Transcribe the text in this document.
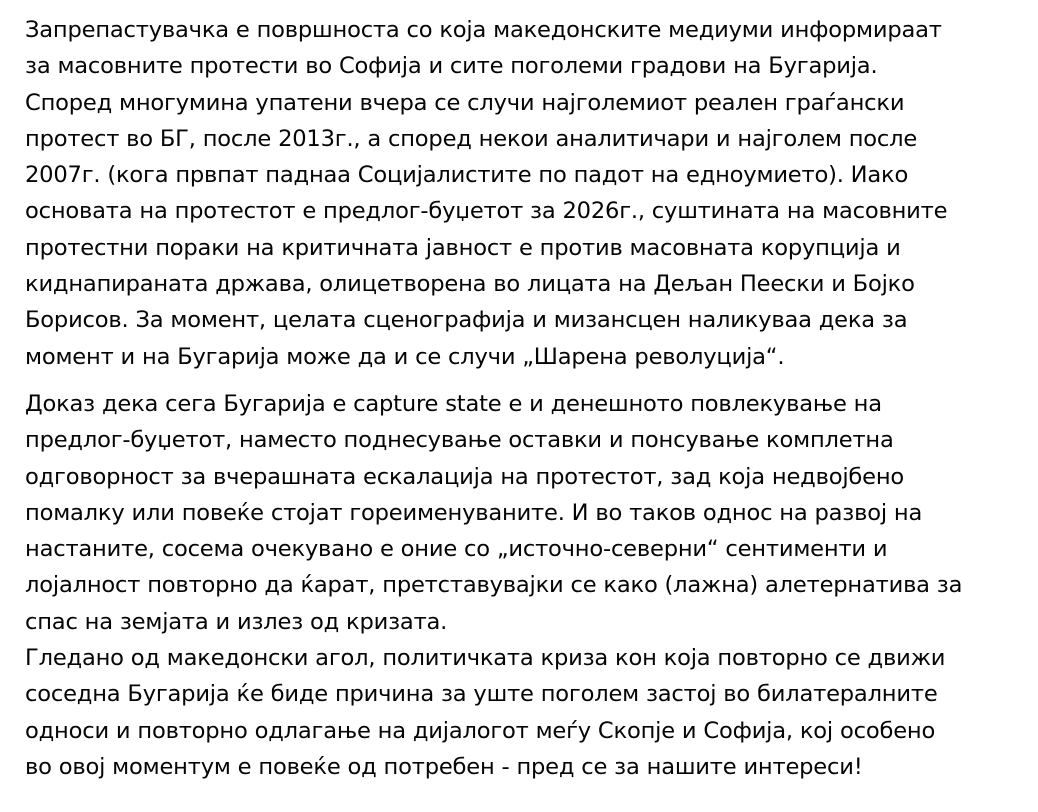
Запрепастувачка е површноста со која македонските медиуми информираат
за масовните протести во Софија и сите поголеми градови на Бугарија.
Според многумина упатени вчера се случи најголемиот реален граѓански
протест во БГ, после 2013г., а според некои аналитичари и најголем после
2007г. (кога првпат паднаа Социјалистите по падот на едноумието). Иако
основата на протестот е предлог-буџетот за 2026г., суштината на масовните
протестни пораки на критичната јавност е против масовната корупција и
киднапиранaта држава, олицетворена во лицата на Дељан Пеески и Бојко
Борисов. За момент, целата сценографија и мизансцен наликуваа дека за
момент и на Бугарија може да и се случи „Шарена револуција“.
Доказ дека сега Бугарија е capture state е и денешното повлекување на
предлог-буџетот, наместо поднесување оставки и понсување комплетна
одговорност за вчерашната ескалација на протестот, зад која недвојбено
помалку или повеќе стојат гореименуваните. И во таков однос на развој на
настаните, сосема очекувано е оние со „источно-северни“ сентименти и
лојалност повторно да ќарат, претставувајки се како (лажна) алетернатива за
спас на земјата и излез од кризата.
Гледано од македонски агол, политичката криза кон која повторно се движи
соседна Бугарија ќе биде причина за уште поголем застој во билатералните
односи и повторно одлагање на дијалогот меѓу Скопје и Софија, кој особено
во овој моментум е повеќе од потребен - пред се за нашите интереси!
